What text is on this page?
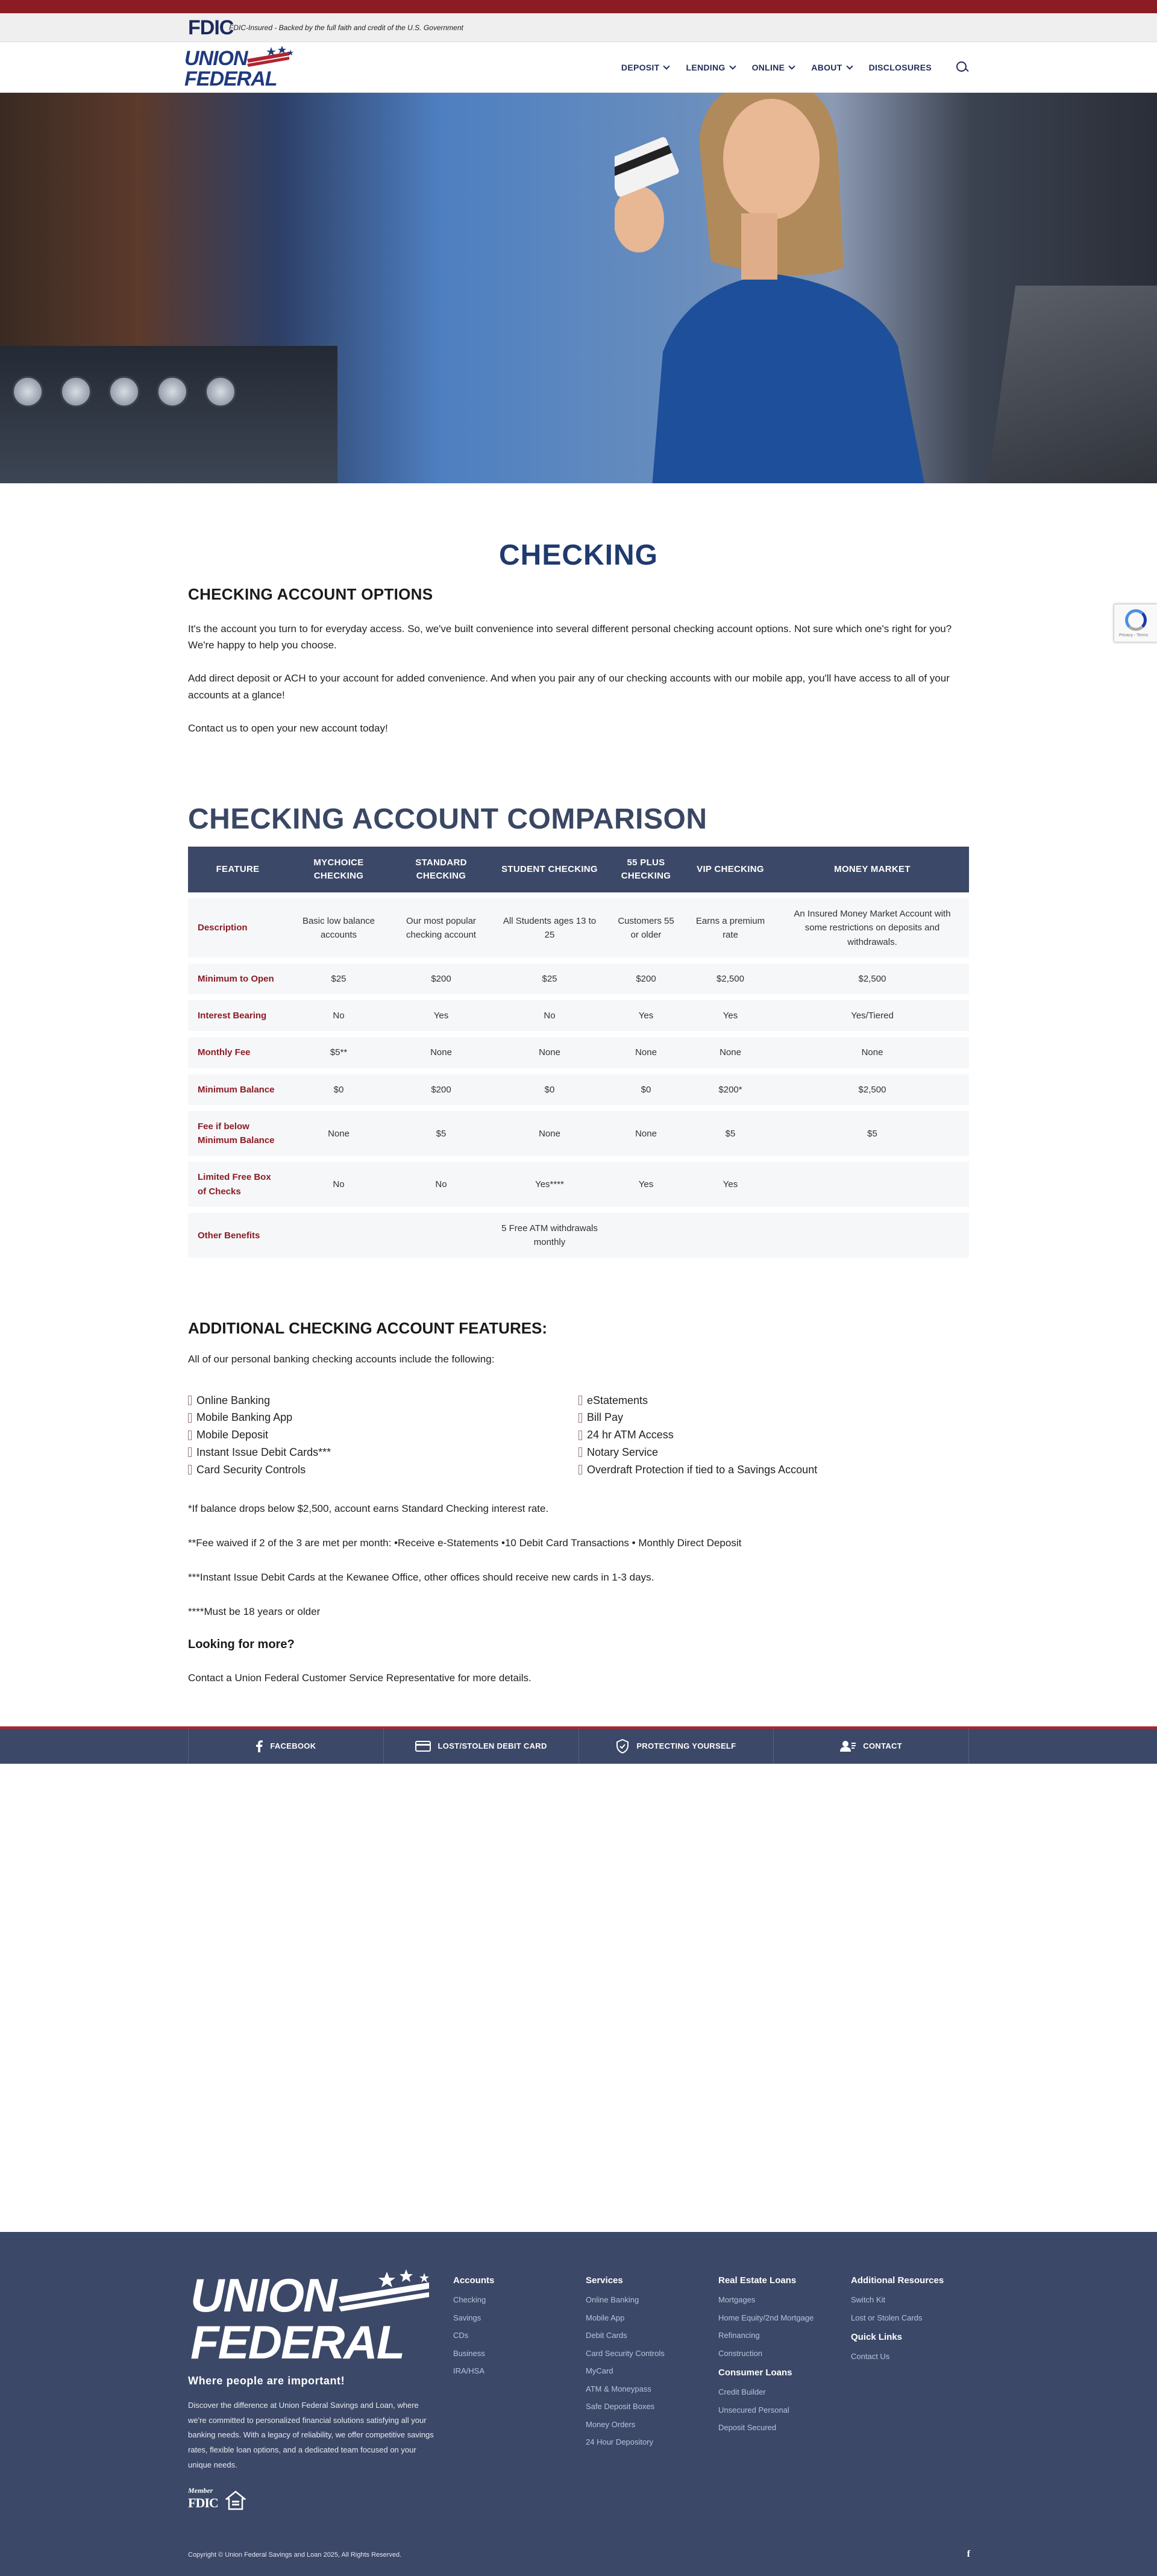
FDIC
FDIC-Insured - Backed by the full faith and credit of the U.S. Government
UNION
FEDERAL	DEPOSIT	LENDING	ONLINE	ABOUT	DISCLOSURES
Privacy - Terms
CHECKING
CHECKING ACCOUNT OPTIONS

It's the account you turn to for everyday access. So, we've built convenience into several different personal checking account options. Not sure which one's right for you? We're happy to help you choose.

Add direct deposit or ACH to your account for added convenience. And when you pair any of our checking accounts with our mobile app, you'll have access to all of your accounts at a glance!

Contact us to open your new account today!

CHECKING ACCOUNT COMPARISON
FEATURE	MYCHOICE CHECKING	STANDARD CHECKING	STUDENT CHECKING	55 PLUS CHECKING	VIP CHECKING	MONEY MARKET
Description	Basic low balance accounts	Our most popular checking account	All Students ages 13 to 25	Customers 55 or older	Earns a premium rate	An Insured Money Market Account with some restrictions on deposits and withdrawals.
Minimum to Open	$25	$200	$25	$200	$2,500	$2,500
Interest Bearing	No	Yes	No	Yes	Yes	Yes/Tiered
Monthly Fee	$5**	None	None	None	None	None
Minimum Balance	$0	$200	$0	$0	$200*	$2,500
Fee if below Minimum Balance	None	$5	None	None	$5	$5
Limited Free Box of Checks	No	No	Yes****	Yes	Yes	
Other Benefits			5 Free ATM withdrawals monthly			
ADDITIONAL CHECKING ACCOUNT FEATURES:

All of our personal banking checking accounts include the following:

Online Banking
Mobile Banking App
Mobile Deposit
Instant Issue Debit Cards***
Card Security Controls
eStatements
Bill Pay
24 hr ATM Access
Notary Service
Overdraft Protection if tied to a Savings Account

*If balance drops below $2,500, account earns Standard Checking interest rate.

**Fee waived if 2 of the 3 are met per month: •Receive e-Statements •10 Debit Card Transactions • Monthly Direct Deposit

***Instant Issue Debit Cards at the Kewanee Office, other offices should receive new cards in 1-3 days.

****Must be 18 years or older

Looking for more?

Contact a Union Federal Customer Service Representative for more details.

FACEBOOK	LOST/STOLEN DEBIT CARD	PROTECTING YOURSELF	CONTACT
UNION
FEDERAL
Where people are important!

Discover the difference at Union Federal Savings and Loan, where we're committed to personalized financial solutions satisfying all your banking needs. With a legacy of reliability, we offer competitive savings rates, flexible loan options, and a dedicated team focused on your unique needs.

Member
FDIC
Accounts
Checking
Savings
CDs
Business
IRA/HSA
Services
Online Banking
Mobile App
Debit Cards
Card Security Controls
MyCard
ATM & Moneypass
Safe Deposit Boxes
Money Orders
24 Hour Depository
Real Estate Loans
Mortgages
Home Equity/2nd Mortgage
Refinancing
Construction
Consumer Loans
Credit Builder
Unsecured Personal
Deposit Secured
Additional Resources
Switch Kit
Lost or Stolen Cards
Quick Links
Contact Us
Copyright © Union Federal Savings and Loan 2025, All Rights Reserved.	f
